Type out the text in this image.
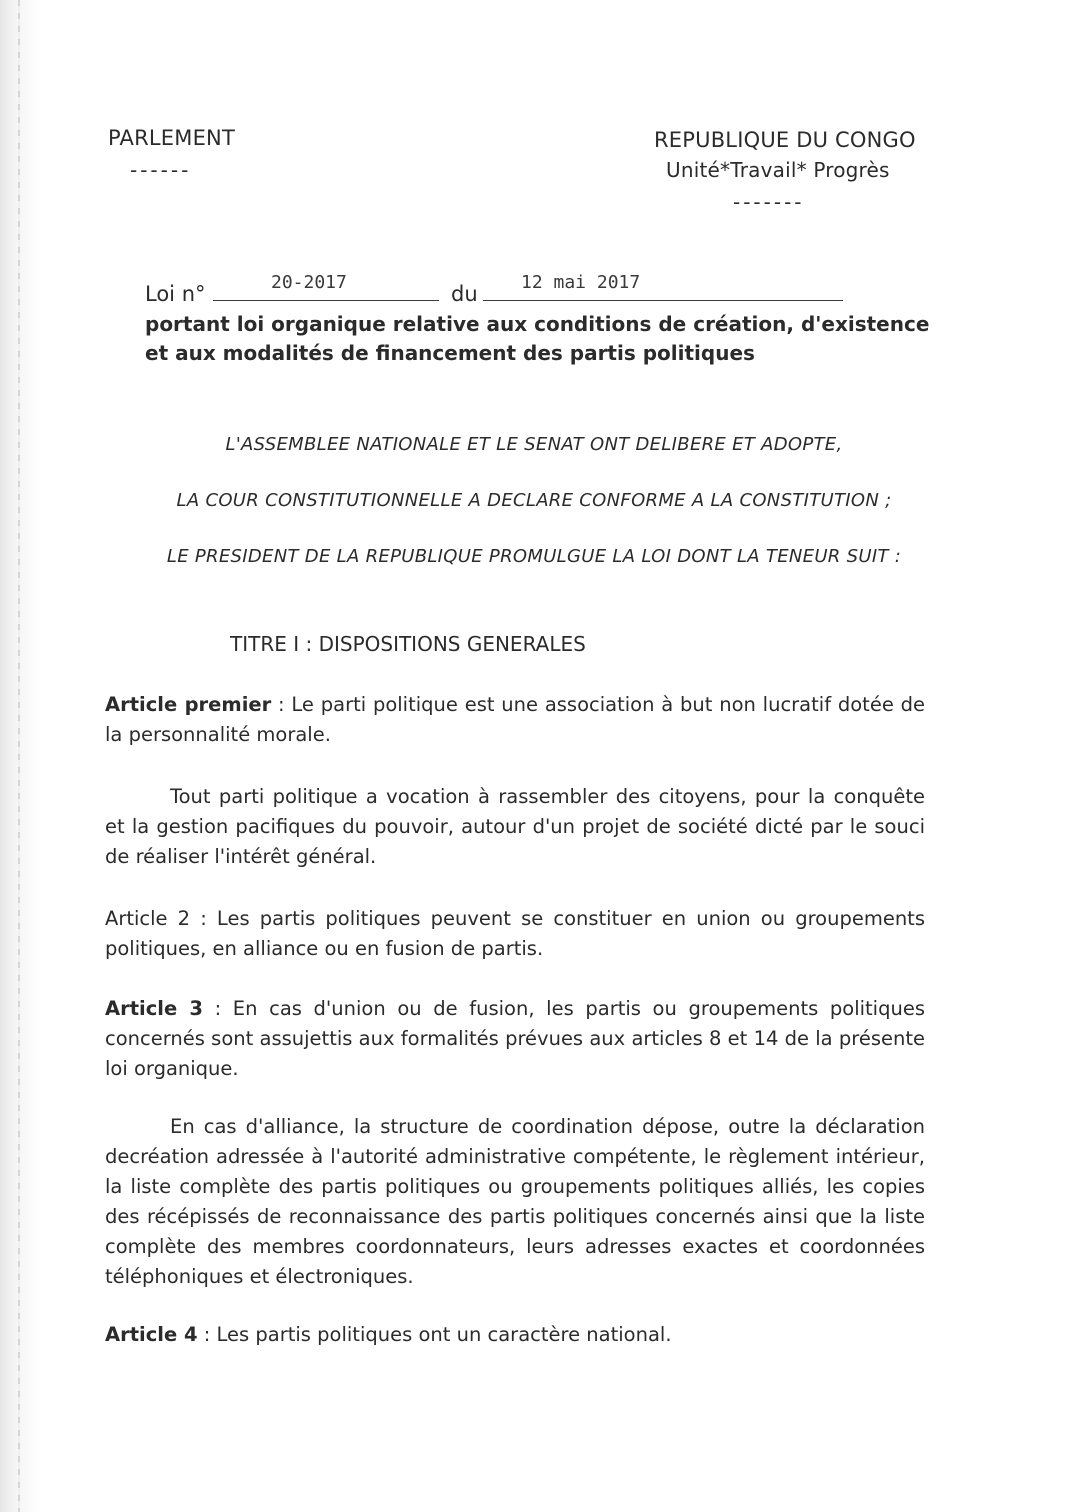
PARLEMENT
------
REPUBLIQUE DU CONGO
Unité*Travail* Progrès
-------
Loi n°	20-2017	du 12 mai 2017
portant loi organique relative aux conditions de création, d'existence
et aux modalités de financement des partis politiques
L'ASSEMBLEE NATIONALE ET LE SENAT ONT DELIBERE ET ADOPTE,
LA COUR CONSTITUTIONNELLE A DECLARE CONFORME A LA CONSTITUTION ;
LE PRESIDENT DE LA REPUBLIQUE PROMULGUE LA LOI DONT LA TENEUR SUIT :
TITRE I : DISPOSITIONS GENERALES
Article premier : Le parti politique est une association à but non lucratif dotée de la personnalité morale.
Tout parti politique a vocation à rassembler des citoyens, pour la conquête et la gestion pacifiques du pouvoir, autour d'un projet de société dicté par le souci de réaliser l'intérêt général.
Article 2 : Les partis politiques peuvent se constituer en union ou groupements politiques, en alliance ou en fusion de partis.
Article 3 : En cas d'union ou de fusion, les partis ou groupements politiques concernés sont assujettis aux formalités prévues aux articles 8 et 14 de la présente loi organique.
En cas d'alliance, la structure de coordination dépose, outre la déclaration decréation adressée à l'autorité administrative compétente, le règlement intérieur, la liste complète des partis politiques ou groupements politiques alliés, les copies des récépissés de reconnaissance des partis politiques concernés ainsi que la liste complète des membres coordonnateurs, leurs adresses exactes et coordonnées téléphoniques et électroniques.
Article 4 : Les partis politiques ont un caractère national.
